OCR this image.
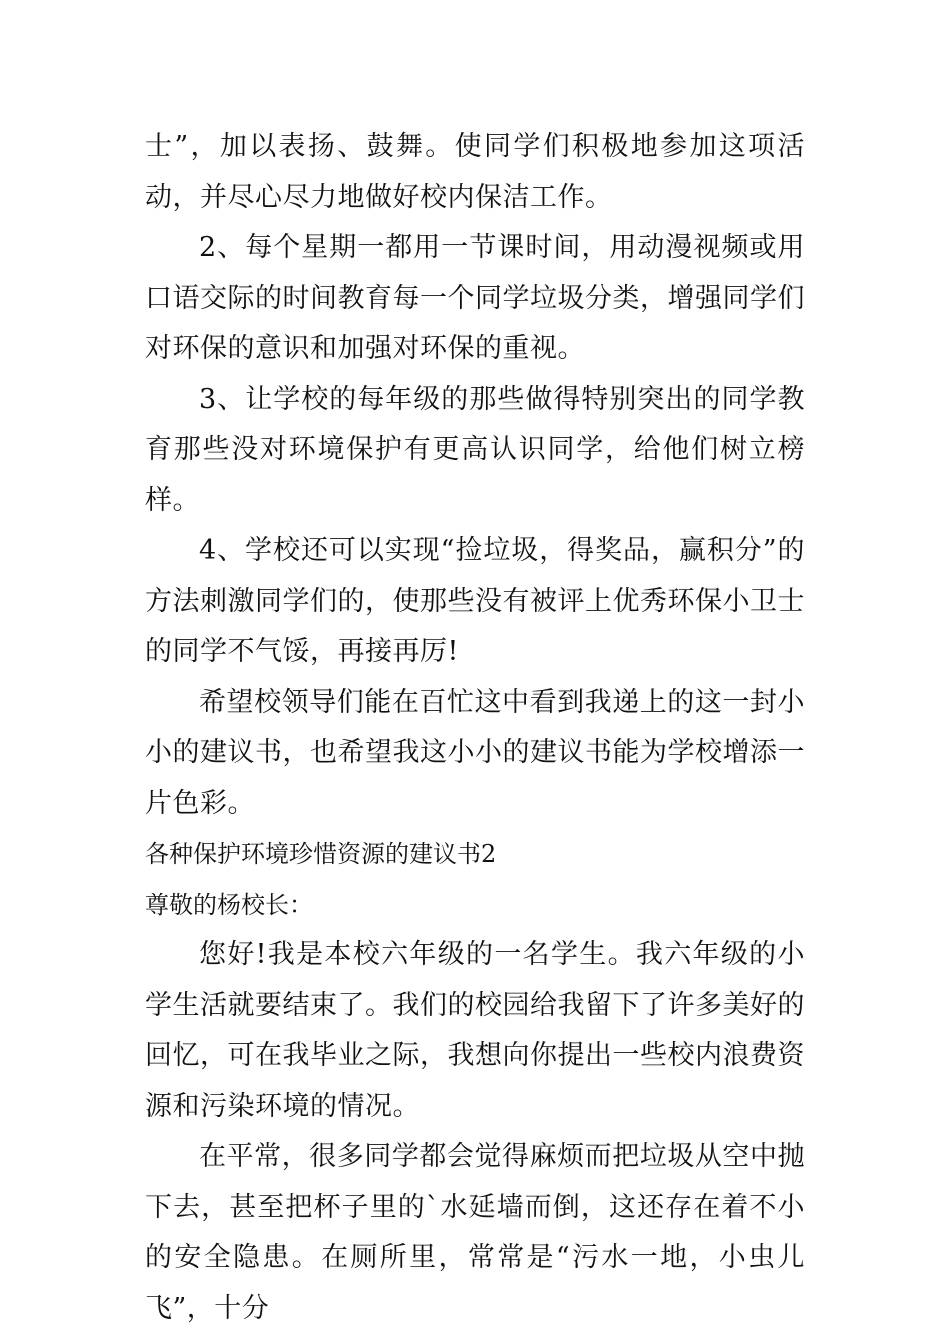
士”，加以表扬、鼓舞。使同学们积极地参加这项活动，并尽心尽力地做好校内保洁工作。

2、每个星期一都用一节课时间，用动漫视频或用口语交际的时间教育每一个同学垃圾分类，增强同学们对环保的意识和加强对环保的重视。

3、让学校的每年级的那些做得特别突出的同学教育那些没对环境保护有更高认识同学，给他们树立榜样。

4、学校还可以实现“捡垃圾，得奖品，赢积分”的方法刺激同学们的，使那些没有被评上优秀环保小卫士的同学不气馁，再接再厉!

希望校领导们能在百忙这中看到我递上的这一封小小的建议书，也希望我这小小的建议书能为学校增添一片色彩。

各种保护环境珍惜资源的建议书2

尊敬的杨校长：

您好!我是本校六年级的一名学生。我六年级的小学生活就要结束了。我们的校园给我留下了许多美好的回忆，可在我毕业之际，我想向你提出一些校内浪费资源和污染环境的情况。

在平常，很多同学都会觉得麻烦而把垃圾从空中抛下去，甚至把杯子里的`水延墙而倒，这还存在着不小的安全隐患。在厕所里，常常是“污水一地，小虫儿飞”，十分
